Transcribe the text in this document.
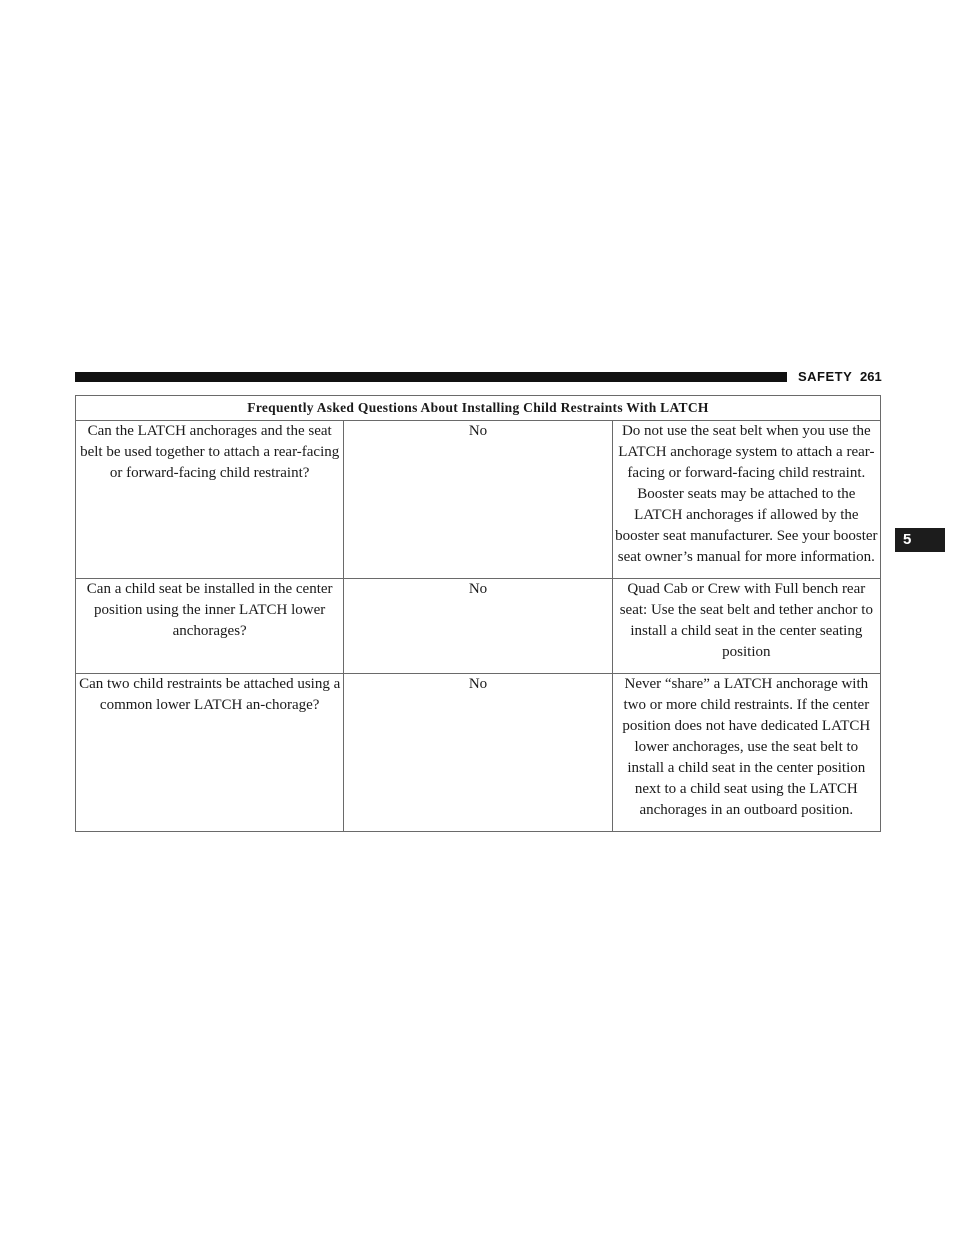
SAFETY 261
5
Frequently Asked Questions About Installing Child Restraints With LATCH		
Can the LATCH anchorages and the seat belt be used together to attach a rear-facing or forward-facing child restraint?	No	Do not use the seat belt when you use the LATCH anchorage system to attach a rear-facing or forward-facing child restraint.
Booster seats may be attached to the LATCH anchorages if allowed by the booster seat manufacturer. See your booster seat owner’s manual for more information.

Can a child seat be installed in the center position using the inner LATCH lower anchorages?	No	Quad Cab or Crew with Full bench rear seat: Use the seat belt and tether anchor to install a child seat in the center seating position

Can two child restraints be attached using a common lower LATCH an-chorage?	No	Never “share” a LATCH anchorage with two or more child restraints. If the center position does not have dedicated LATCH lower anchorages, use the seat belt to install a child seat in the center position next to a child seat using the LATCH anchorages in an outboard position.
